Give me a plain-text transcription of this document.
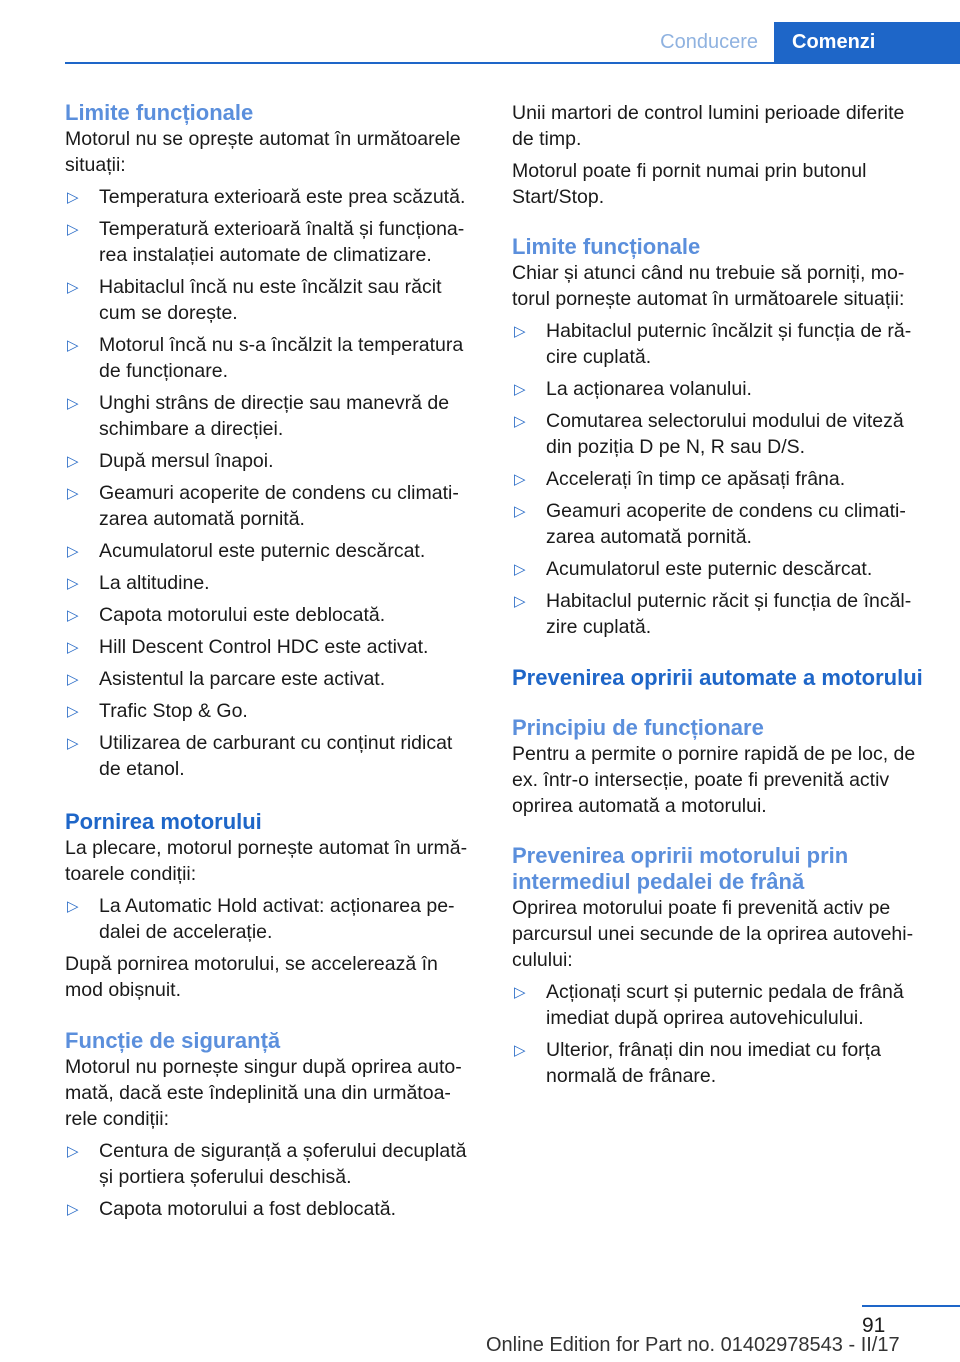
Conducere	Comenzi
Limite funcționale

Motorul nu se oprește automat în următoarele situații:

▷ Temperatura exterioară este prea scăzută.
▷ Temperatură exterioară înaltă și funcționa‐rea instalației automate de climatizare.
▷ Habitaclul încă nu este încălzit sau răcit cum se dorește.
▷ Motorul încă nu s-a încălzit la temperatura de funcționare.
▷ Unghi strâns de direcție sau manevră de schimbare a direcției.
▷ După mersul înapoi.
▷ Geamuri acoperite de condens cu climati‐zarea automată pornită.
▷ Acumulatorul este puternic descărcat.
▷ La altitudine.
▷ Capota motorului este deblocată.
▷ Hill Descent Control HDC este activat.
▷ Asistentul la parcare este activat.
▷ Trafic Stop & Go.
▷ Utilizarea de carburant cu conținut ridicat de etanol.
Pornirea motorului

La plecare, motorul pornește automat în urmă‐toarele condiții:

▷ La Automatic Hold activat: acționarea pe‐dalei de accelerație.

După pornirea motorului, se accelerează în mod obișnuit.

Funcție de siguranță

Motorul nu pornește singur după oprirea auto‐mată, dacă este îndeplinită una din următoa‐rele condiții:

▷ Centura de siguranță a șoferului decuplată și portiera șoferului deschisă.
▷ Capota motorului a fost deblocată.

Unii martori de control lumini perioade diferite de timp.

Motorul poate fi pornit numai prin butonul Start/Stop.

Limite funcționale

Chiar și atunci când nu trebuie să porniți, mo‐torul pornește automat în următoarele situații:

▷ Habitaclul puternic încălzit și funcția de ră‐cire cuplată.
▷ La acționarea volanului.
▷ Comutarea selectorului modului de viteză din poziția D pe N, R sau D/S.
▷ Accelerați în timp ce apăsați frâna.
▷ Geamuri acoperite de condens cu climati‐zarea automată pornită.
▷ Acumulatorul este puternic descărcat.
▷ Habitaclul puternic răcit și funcția de încăl‐zire cuplată.
Prevenirea opririi automate a motorului
Principiu de funcționare

Pentru a permite o pornire rapidă de pe loc, de ex. într-o intersecție, poate fi prevenită activ oprirea automată a motorului.

Prevenirea opririi motorului prin intermediul pedalei de frână

Oprirea motorului poate fi prevenită activ pe parcursul unei secunde de la oprirea autovehi‐culului:

▷ Acționați scurt și puternic pedala de frână imediat după oprirea autovehiculului.
▷ Ulterior, frânați din nou imediat cu forța normală de frânare.
91
Online Edition for Part no. 01402978543 - II/17
